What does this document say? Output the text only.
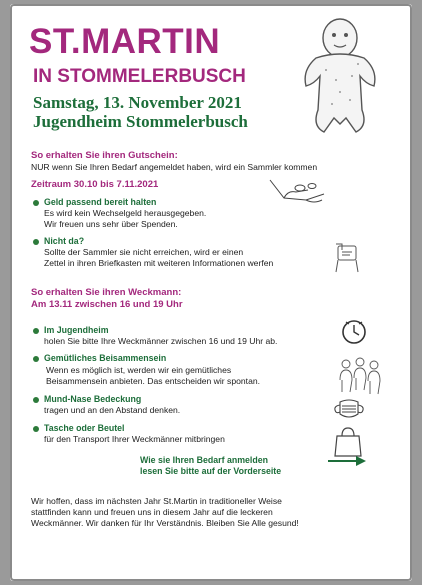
ST.MARTIN
IN STOMMELERBUSCH
Samstag, 13. November 2021
Jugendheim Stommelerbusch
So erhalten Sie ihren Gutschein:
NUR wenn Sie Ihren Bedarf angemeldet haben, wird ein Sammler kommen
Zeitraum 30.10 bis 7.11.2021
Geld passend bereit halten
Es wird kein Wechselgeld herausgegeben.
Wir freuen uns sehr über Spenden.
Nicht da?
Sollte der Sammler sie nicht erreichen, wird er einen
Zettel in ihren Briefkasten mit weiteren Informationen werfen
So erhalten Sie ihren Weckmann:
Am 13.11 zwischen 16 und 19 Uhr
Im Jugendheim
holen Sie bitte Ihre Weckmänner zwischen 16 und 19 Uhr ab.
Gemütliches Beisammensein
Wenn es möglich ist, werden wir ein gemütliches
Beisammensein anbieten. Das entscheiden wir spontan.
Mund-Nase Bedeckung
tragen und an den Abstand denken.
Tasche oder Beutel
für den Transport Ihrer Weckmänner mitbringen
Wie sie Ihren Bedarf anmelden
lesen Sie bitte auf der Vorderseite
Wir hoffen, dass im nächsten Jahr St.Martin in traditioneller Weise
stattfinden kann und freuen uns in diesem Jahr auf die leckeren
Weckmänner. Wir danken für Ihr Verständnis. Bleiben Sie Alle gesund!
